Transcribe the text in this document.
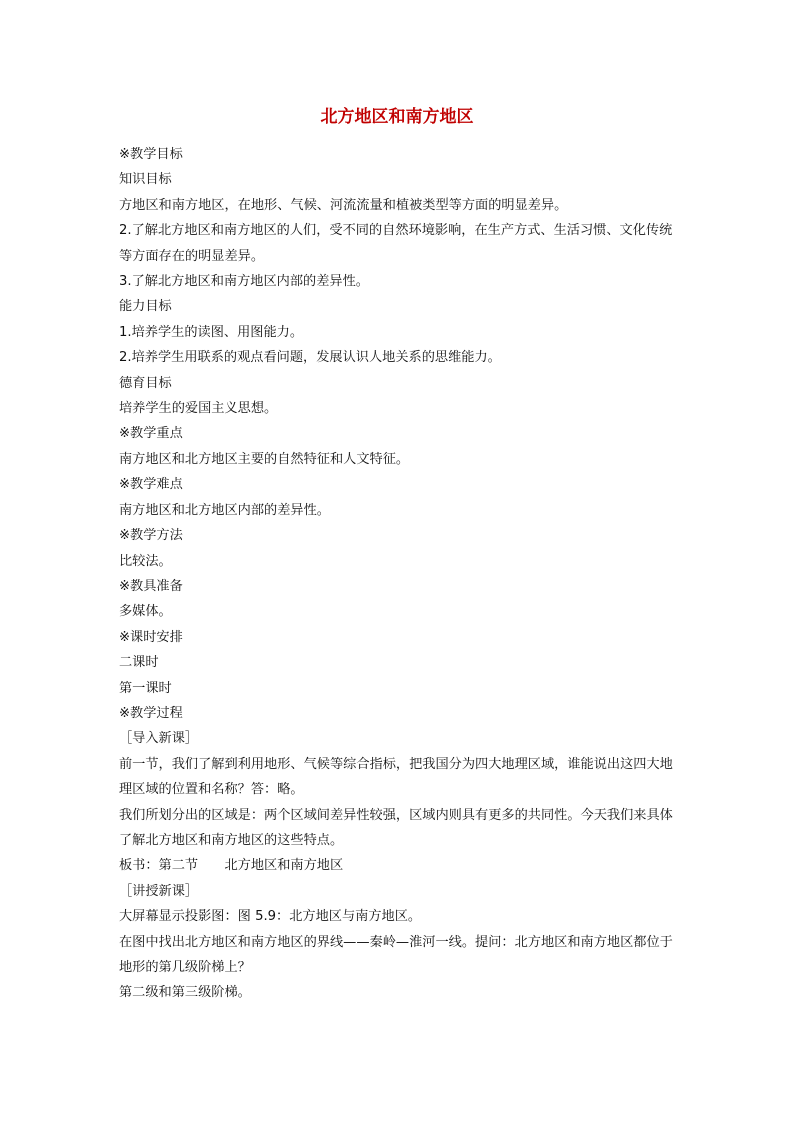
北方地区和南方地区

※教学目标

知识目标

方地区和南方地区，在地形、气候、河流流量和植被类型等方面的明显差异。

2.了解北方地区和南方地区的人们，受不同的自然环境影响，在生产方式、生活习惯、文化传统等方面存在的明显差异。

3.了解北方地区和南方地区内部的差异性。

能力目标

1.培养学生的读图、用图能力。

2.培养学生用联系的观点看问题，发展认识人地关系的思维能力。

德育目标

培养学生的爱国主义思想。

※教学重点

南方地区和北方地区主要的自然特征和人文特征。

※教学难点

南方地区和北方地区内部的差异性。

※教学方法

比较法。

※教具准备

多媒体。

※课时安排

二课时

第一课时

※教学过程

［导入新课］

前一节，我们了解到利用地形、气候等综合指标，把我国分为四大地理区域，谁能说出这四大地理区域的位置和名称？答：略。

我们所划分出的区域是：两个区域间差异性较强，区域内则具有更多的共同性。今天我们来具体了解北方地区和南方地区的这些特点。

板书：第二节　　北方地区和南方地区

［讲授新课］

大屏幕显示投影图：图 5.9：北方地区与南方地区。

在图中找出北方地区和南方地区的界线——秦岭—淮河一线。提问：北方地区和南方地区都位于地形的第几级阶梯上？

第二级和第三级阶梯。
